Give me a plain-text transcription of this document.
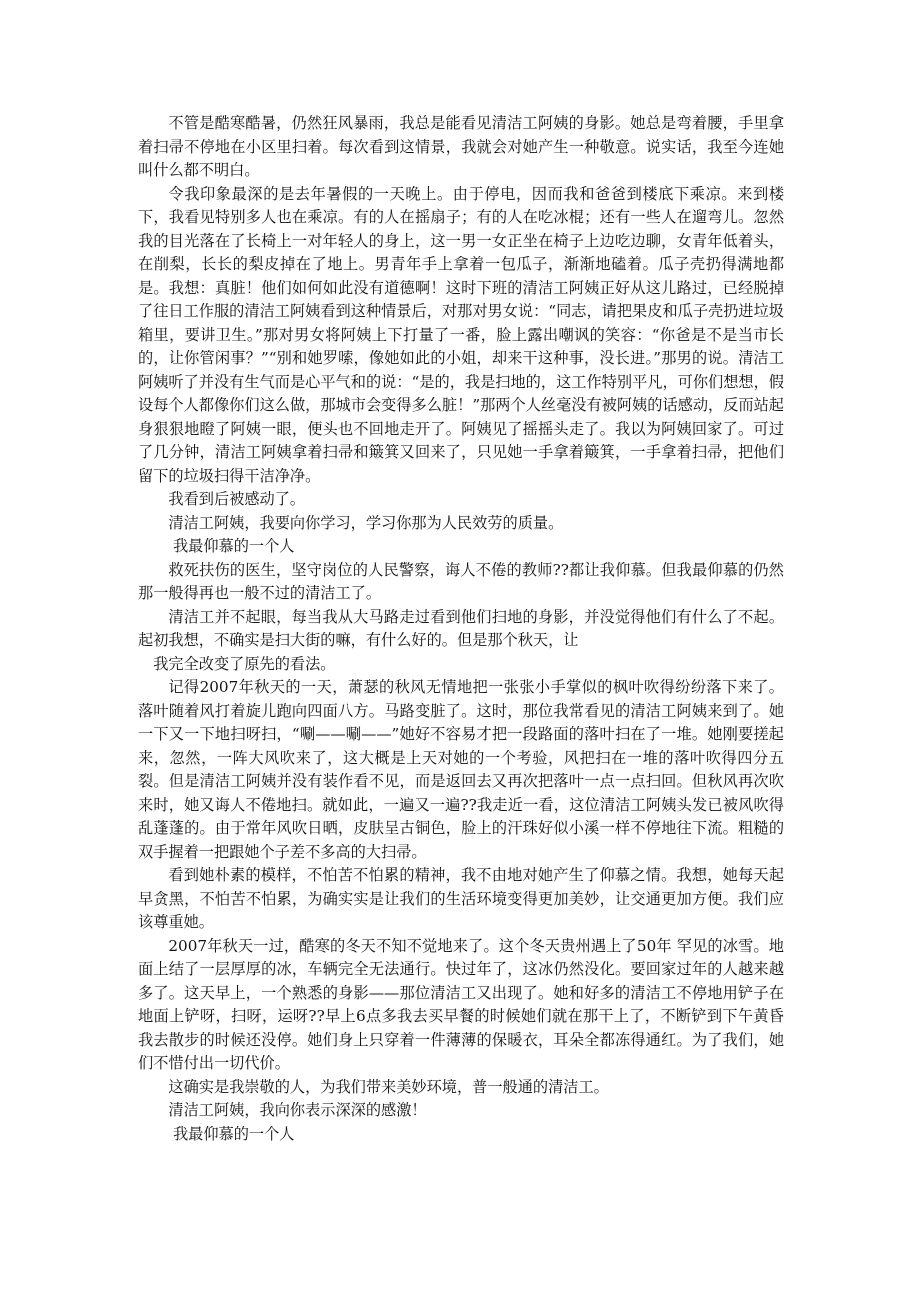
不管是酷寒酷暑，仍然狂风暴雨，我总是能看见清洁工阿姨的身影。她总是弯着腰，手里拿着扫帚不停地在小区里扫着。每次看到这情景，我就会对她产生一种敬意。说实话，我至今连她叫什么都不明白。

令我印象最深的是去年暑假的一天晚上。由于停电，因而我和爸爸到楼底下乘凉。来到楼下，我看见特别多人也在乘凉。有的人在摇扇子；有的人在吃冰棍；还有一些人在遛弯儿。忽然我的目光落在了长椅上一对年轻人的身上，这一男一女正坐在椅子上边吃边聊，女青年低着头，在削梨，长长的梨皮掉在了地上。男青年手上拿着一包瓜子，渐渐地磕着。瓜子壳扔得满地都是。我想：真脏！他们如何如此没有道德啊！这时下班的清洁工阿姨正好从这儿路过，已经脱掉了往日工作服的清洁工阿姨看到这种情景后，对那对男女说：“同志，请把果皮和瓜子壳扔进垃圾箱里，要讲卫生。”那对男女将阿姨上下打量了一番，脸上露出嘲讽的笑容：“你爸是不是当市长的，让你管闲事？”“别和她罗嗦，像她如此的小姐，却来干这种事，没长进。”那男的说。清洁工阿姨听了并没有生气而是心平气和的说：“是的，我是扫地的，这工作特别平凡，可你们想想，假设每个人都像你们这么做，那城市会变得多么脏！”那两个人丝毫没有被阿姨的话感动，反而站起身狠狠地瞪了阿姨一眼，便头也不回地走开了。阿姨见了摇摇头走了。我以为阿姨回家了。可过了几分钟，清洁工阿姨拿着扫帚和簸箕又回来了，只见她一手拿着簸箕，一手拿着扫帚，把他们留下的垃圾扫得干洁净净。

我看到后被感动了。

清洁工阿姨，我要向你学习，学习你那为人民效劳的质量。

我最仰慕的一个人

救死扶伤的医生，坚守岗位的人民警察，诲人不倦的教师??都让我仰慕。但我最仰慕的仍然那一般得再也一般不过的清洁工了。

清洁工并不起眼，每当我从大马路走过看到他们扫地的身影，并没觉得他们有什么了不起。起初我想，不确实是扫大街的嘛，有什么好的。但是那个秋天，让

我完全改变了原先的看法。

记得2007年秋天的一天，萧瑟的秋风无情地把一张张小手掌似的枫叶吹得纷纷落下来了。落叶随着风打着旋儿跑向四面八方。马路变脏了。这时，那位我常看见的清洁工阿姨来到了。她一下又一下地扫呀扫，“唰——唰——”她好不容易才把一段路面的落叶扫在了一堆。她刚要搓起来，忽然，一阵大风吹来了，这大概是上天对她的一个考验，风把扫在一堆的落叶吹得四分五裂。但是清洁工阿姨并没有装作看不见，而是返回去又再次把落叶一点一点扫回。但秋风再次吹来时，她又诲人不倦地扫。就如此，一遍又一遍??我走近一看，这位清洁工阿姨头发已被风吹得乱蓬蓬的。由于常年风吹日晒，皮肤呈古铜色，脸上的汗珠好似小溪一样不停地往下流。粗糙的双手握着一把跟她个子差不多高的大扫帚。

看到她朴素的模样，不怕苦不怕累的精神，我不由地对她产生了仰慕之情。我想，她每天起早贪黑，不怕苦不怕累，为确实实是让我们的生活环境变得更加美妙，让交通更加方便。我们应该尊重她。

2007年秋天一过，酷寒的冬天不知不觉地来了。这个冬天贵州遇上了50年 罕见的冰雪。地面上结了一层厚厚的冰，车辆完全无法通行。快过年了，这冰仍然没化。要回家过年的人越来越多了。这天早上，一个熟悉的身影——那位清洁工又出现了。她和好多的清洁工不停地用铲子在地面上铲呀，扫呀，运呀??早上6点多我去买早餐的时候她们就在那干上了，不断铲到下午黄昏我去散步的时候还没停。她们身上只穿着一件薄薄的保暖衣，耳朵全都冻得通红。为了我们，她们不惜付出一切代价。

这确实是我崇敬的人，为我们带来美妙环境，普一般通的清洁工。

清洁工阿姨，我向你表示深深的感激！

我最仰慕的一个人
